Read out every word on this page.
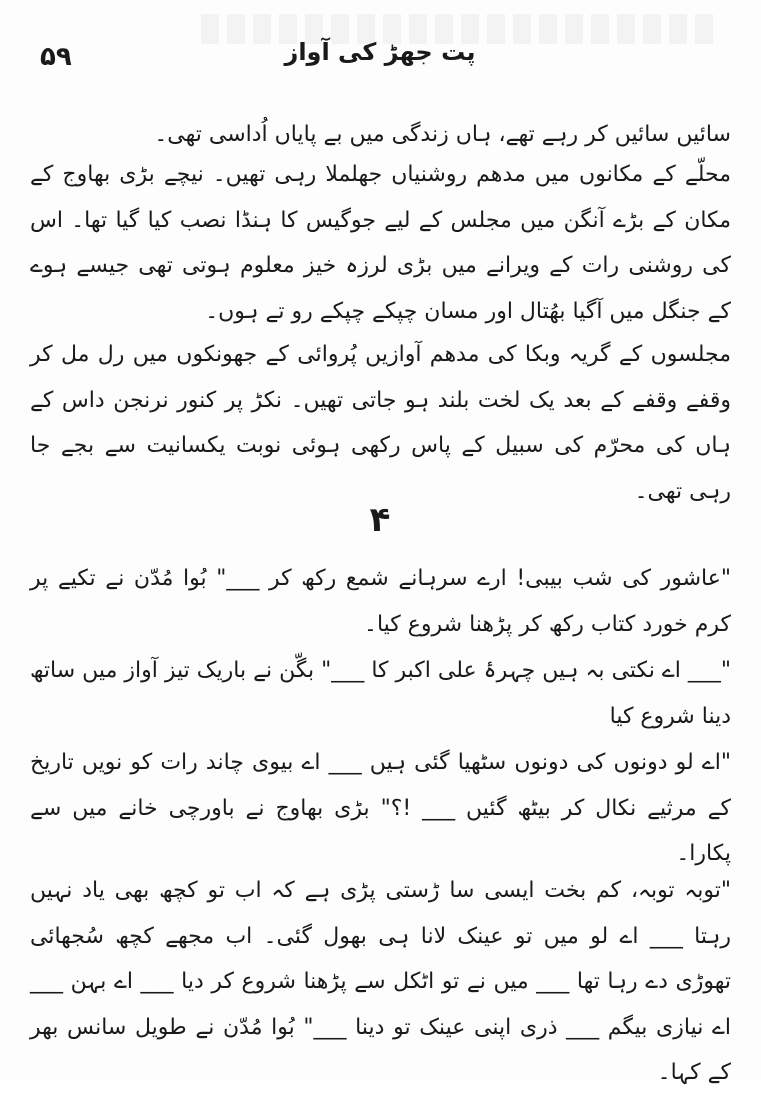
۵۹	پت جھڑ کی آواز

سائیں سائیں کر رہے تھے، ہاں زندگی میں بے پایاں اُداسی تھی۔

محلّے کے مکانوں میں مدھم روشنیاں جھلملا رہی تھیں۔ نیچے بڑی بھاوج کے مکان کے بڑے آنگن میں مجلس کے لیے جوگیس کا ہنڈا نصب کیا گیا تھا۔ اس کی روشنی رات کے ویرانے میں بڑی لرزہ خیز معلوم ہوتی تھی جیسے ہوے کے جنگل میں آگیا بھُتال اور مسان چپکے چپکے رو تے ہوں۔

مجلسوں کے گریہ وبکا کی مدھم آوازیں پُروائی کے جھونکوں میں رل مل کر وقفے وقفے کے بعد یک لخت بلند ہو جاتی تھیں۔ نکڑ پر کنور نرنجن داس کے ہاں کی محرّم کی سبیل کے پاس رکھی ہوئی نوبت یکسانیت سے بجے جا رہی تھی۔

۴

"عاشور کی شب بیبی! ارے سرہانے شمع رکھ کر ___" بُوا مُدّن نے تکیے پر کرم خورد کتاب رکھ کر پڑھنا شروع کیا۔

"___ اے نکتی بہ ہیں چہرۂ علی اکبر کا ___" بگّن نے باریک تیز آواز میں ساتھ دینا شروع کیا

"اے لو دونوں کی دونوں سٹھیا گئی ہیں ___ اے بیوی چاند رات کو نویں تاریخ کے مرثیے نکال کر بیٹھ گئیں ___ !؟" بڑی بھاوج نے باورچی خانے میں سے پکارا۔

"توبہ توبہ، کم بخت ایسی سا ڑستی پڑی ہے کہ اب تو کچھ بھی یاد نہیں رہتا ___ اے لو میں تو عینک لانا ہی بھول گئی۔ اب مجھے کچھ سُجھائی تھوڑی دے رہا تھا ___ میں نے تو اٹکل سے پڑھنا شروع کر دیا ___ اے بہن ___ اے نیازی بیگم ___ ذری اپنی عینک تو دینا ___" بُوا مُدّن نے طویل سانس بھر کے کہا۔
